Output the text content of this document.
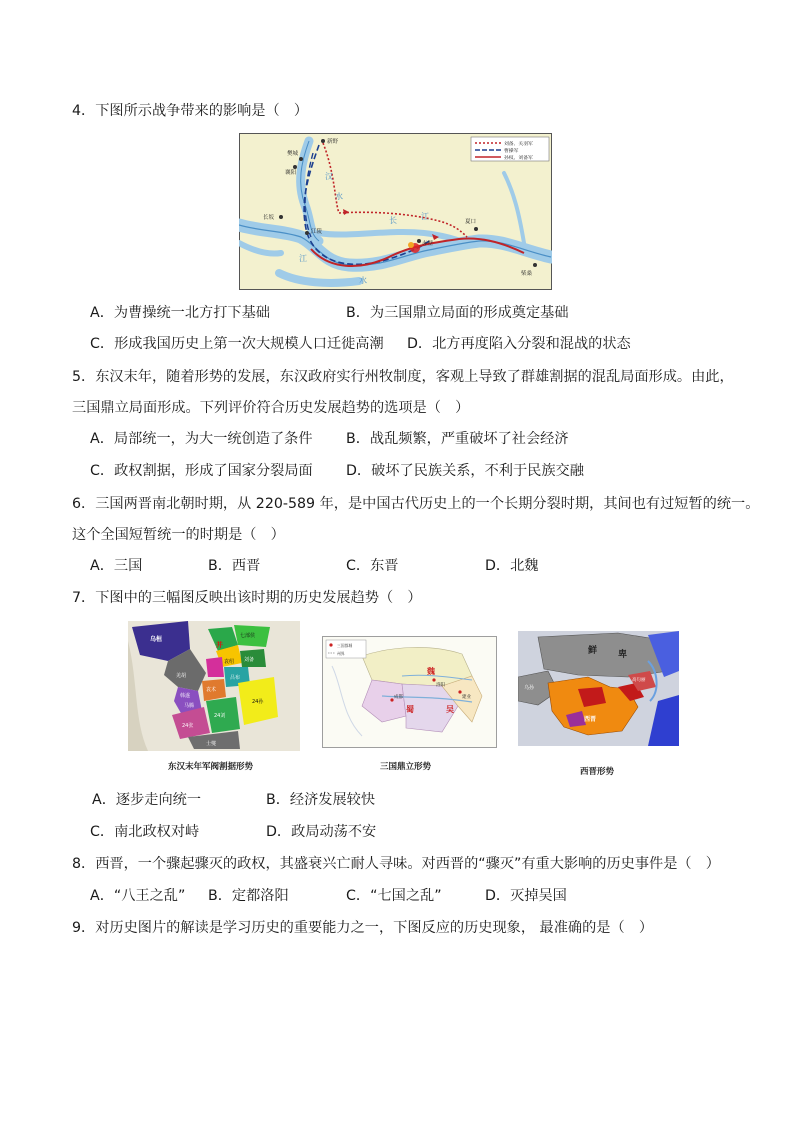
4．下图所示战争带来的影响是（　）
新野
樊城
襄阳
长坂
江陵
夏口
赤壁
柴桑
汉
水
江
长	江
水
刘备、关羽军
曹操军
孙权、刘备军
A．为曹操统一北方打下基础	B．为三国鼎立局面的形成奠定基础
C．形成我国历史上第一次大规模人口迁徙高潮 D．北方再度陷入分裂和混战的状态
5．东汉末年，随着形势的发展，东汉政府实行州牧制度，客观上导致了群雄割据的混乱局面形成。由此，
三国鼎立局面形成。下列评价符合历史发展趋势的选项是（　）
A．局部统一，为大一统创造了条件 B．战乱频繁，严重破坏了社会经济
C．政权割据，形成了国家分裂局面 D．破坏了民族关系，不利于民族交融
6．三国两晋南北朝时期，从 220-589 年，是中国古代历史上的一个长期分裂时期，其间也有过短暂的统一。
这个全国短暂统一的时期是（　）
A．三国	B．西晋	C．东晋	D．北魏
7．下图中的三幅图反映出该时期的历史发展趋势（　）
乌桓	七部侯
并
袁绍 刘备
吕布
羌胡
韩遂
马腾
袁术
24张
24刘
24孙
士燮
东汉末年军阀割据形势
三国都城
州界
魏
蜀	吴
成都
洛阳
建业
三国鼎立形势
鲜 卑
乌孙
西晋
高句丽
西晋形势
A．逐步走向统一	B．经济发展较快
C．南北政权对峙	D．政局动荡不安
8．西晋，一个骤起骤灭的政权，其盛衰兴亡耐人寻味。对西晋的“骤灭”有重大影响的历史事件是（　）
A．“八王之乱” B．定都洛阳	C．“七国之乱”	D．灭掉吴国
9．对历史图片的解读是学习历史的重要能力之一，下图反应的历史现象， 最准确的是（　）
